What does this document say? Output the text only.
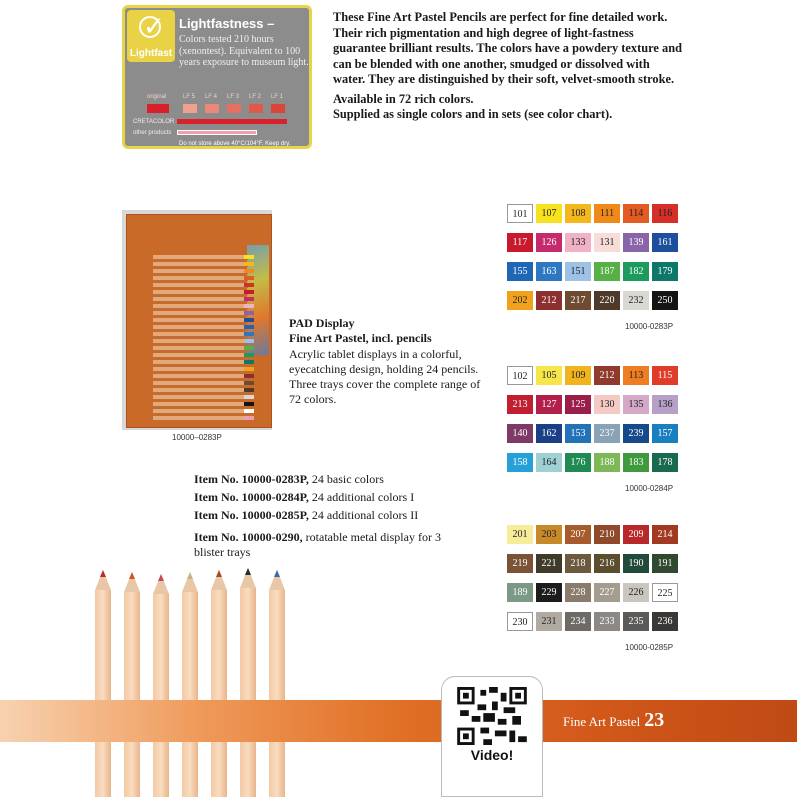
✓
Lightfast
Lightfastness –
Colors tested 210 hours (xenontest). Equivalent to 100 years exposure to museum light.
original	LF 5 LF 4 LF 3 LF 2 LF 1
CRETACOLOR
other products
Do not store above 40°C/104°F. Keep dry.

These Fine Art Pastel Pencils are perfect for fine detailed work. Their rich pigmentation and high degree of light-fastness guarantee brilliant results. The colors have a powdery texture and can be blended with one another, smudged or dissolved with water. They are distinguished by their soft, velvet-smooth stroke.

Available in 72 rich colors.

Supplied as single colors and in sets (see color chart).

10000–0283P
PAD Display
Fine Art Pastel, incl. pencils
Acrylic tablet displays in a colorful, eyecatching design, holding 24 pencils. Three trays cover the complete range of 72 colors.
Item No. 10000-0283P, 24 basic colors
Item No. 10000-0284P, 24 additional colors I
Item No. 10000-0285P, 24 additional colors II
Item No. 10000-0290, rotatable metal display for 3 blister trays
101	107	108	111	114	116
117	126	133	131	139	161
155	163	151	187	182	179
202	212	217	220	232	250
10000-0283P
102	105	109	212	113	115
213	127	125	130	135	136
140	162	153	237	239	157
158	164	176	188	183	178
10000-0284P
201	203	207	210	209	214
219	221	218	216	190	191
189	229	228	227	226	225
230	231	234	233	235	236
10000-0285P
Video!
Fine Art Pastel 23
